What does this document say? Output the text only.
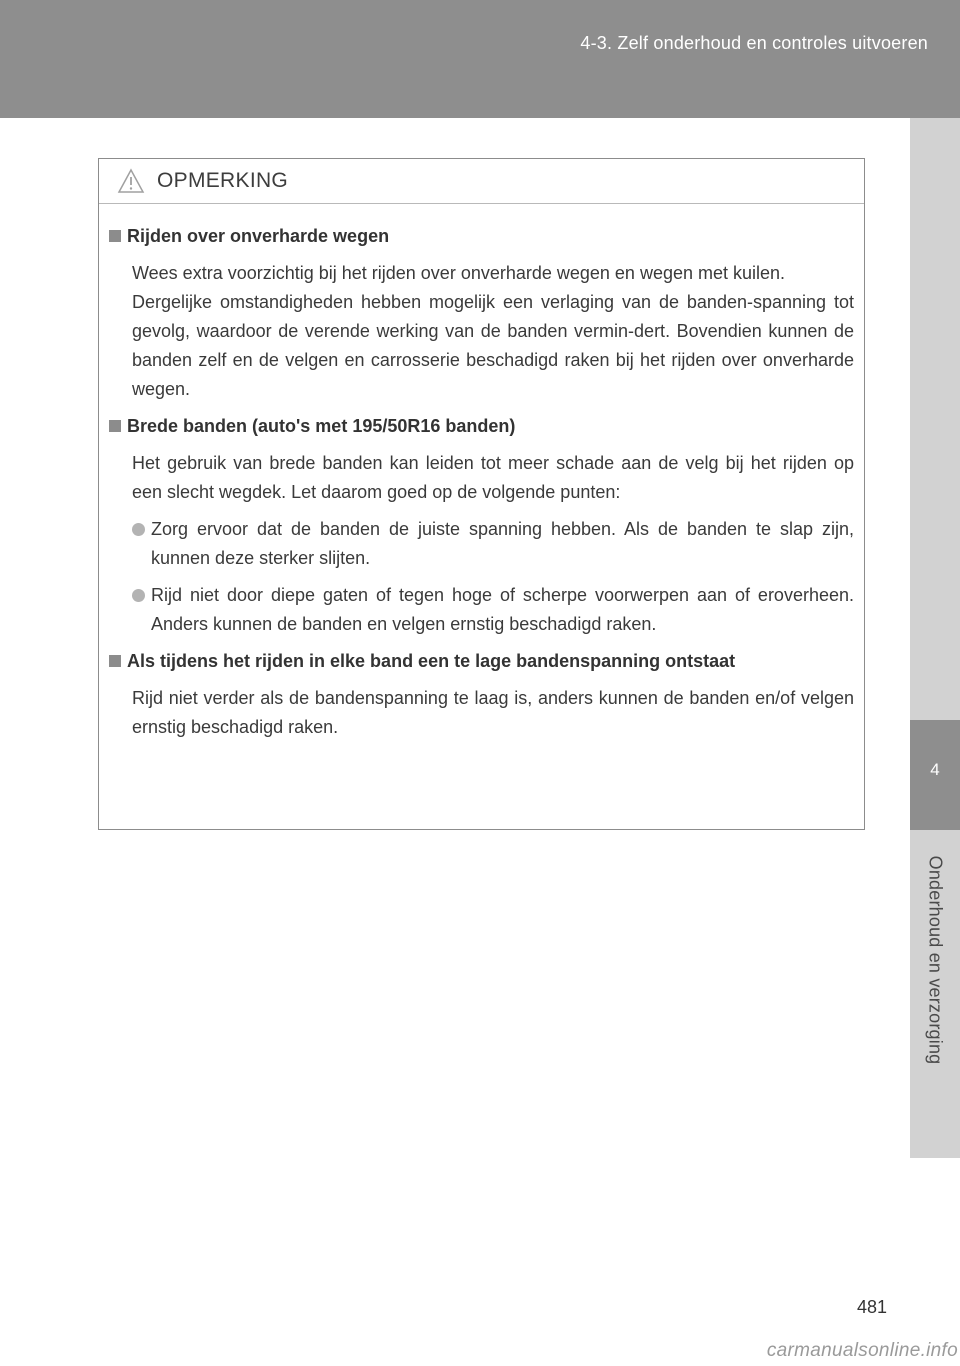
4-3. Zelf onderhoud en controles uitvoeren
4
Onderhoud en verzorging
OPMERKING
Rijden over onverharde wegen
Wees extra voorzichtig bij het rijden over onverharde wegen en wegen met kuilen.
Dergelijke omstandigheden hebben mogelijk een verlaging van de banden-spanning tot gevolg, waardoor de verende werking van de banden vermin-dert. Bovendien kunnen de banden zelf en de velgen en carrosserie beschadigd raken bij het rijden over onverharde wegen.
Brede banden (auto's met 195/50R16 banden)
Het gebruik van brede banden kan leiden tot meer schade aan de velg bij het rijden op een slecht wegdek. Let daarom goed op de volgende punten:
Zorg ervoor dat de banden de juiste spanning hebben. Als de banden te slap zijn, kunnen deze sterker slijten.
Rijd niet door diepe gaten of tegen hoge of scherpe voorwerpen aan of eroverheen. Anders kunnen de banden en velgen ernstig beschadigd raken.
Als tijdens het rijden in elke band een te lage bandenspanning ontstaat
Rijd niet verder als de bandenspanning te laag is, anders kunnen de banden en/of velgen ernstig beschadigd raken.
481
carmanualsonline.info
